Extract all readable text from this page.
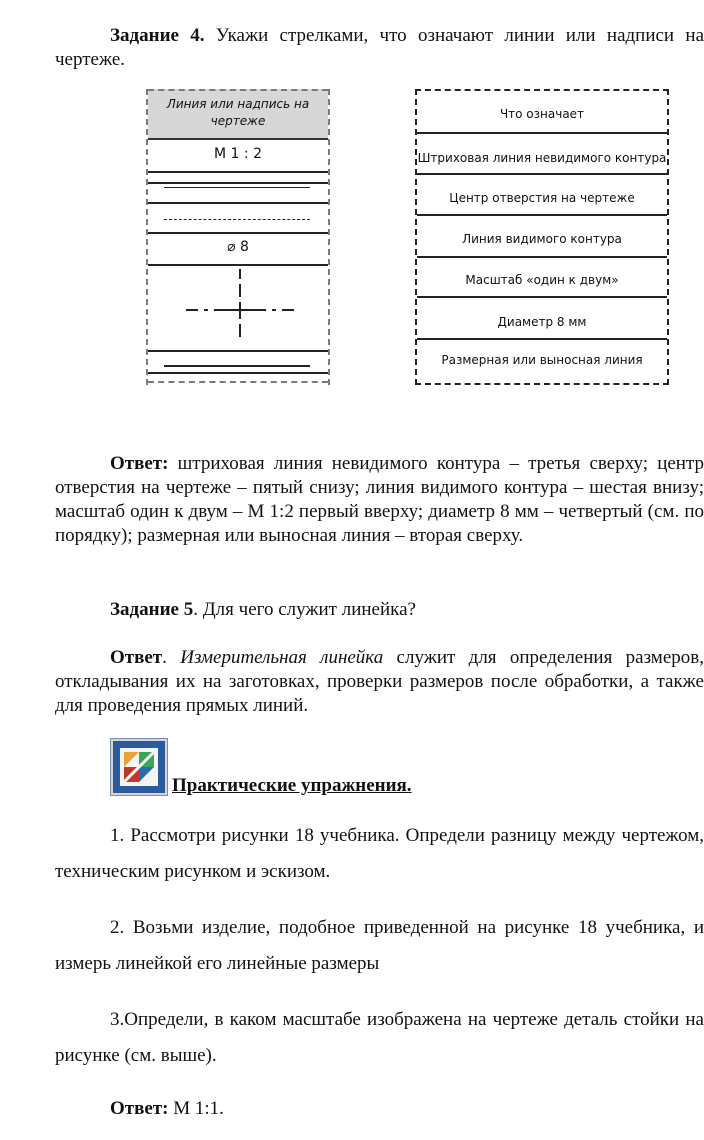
Задание 4. Укажи стрелками, что означают линии или надписи на чертеже.
Линия или надпись на чертеже
М 1 : 2
⌀ 8
Что означает
Штриховая линия невидимого контура
Центр отверстия на чертеже
Линия видимого контура
Масштаб «один к двум»
Диаметр 8 мм
Размерная или выносная линия
Ответ: штриховая линия невидимого контура – третья сверху; центр отверстия на чертеже – пятый снизу; линия видимого контура – шестая внизу; масштаб один к двум – М 1:2 первый вверху; диаметр 8 мм – четвертый (см. по порядку); размерная или выносная линия – вторая сверху.
Задание 5. Для чего служит линейка?
Ответ. Измерительная линейка служит для определения размеров, откладывания их на заготовках, проверки размеров после обработки, а также для проведения прямых линий.
Практические упражнения.
1. Рассмотри рисунки 18 учебника. Определи разницу между чертежом, техническим рисунком и эскизом.
2. Возьми изделие, подобное приведенной на рисунке 18 учебника, и измерь линейкой его линейные размеры
3.Определи, в каком масштабе изображена на чертеже деталь стойки на рисунке (см. выше).
Ответ: М 1:1.
